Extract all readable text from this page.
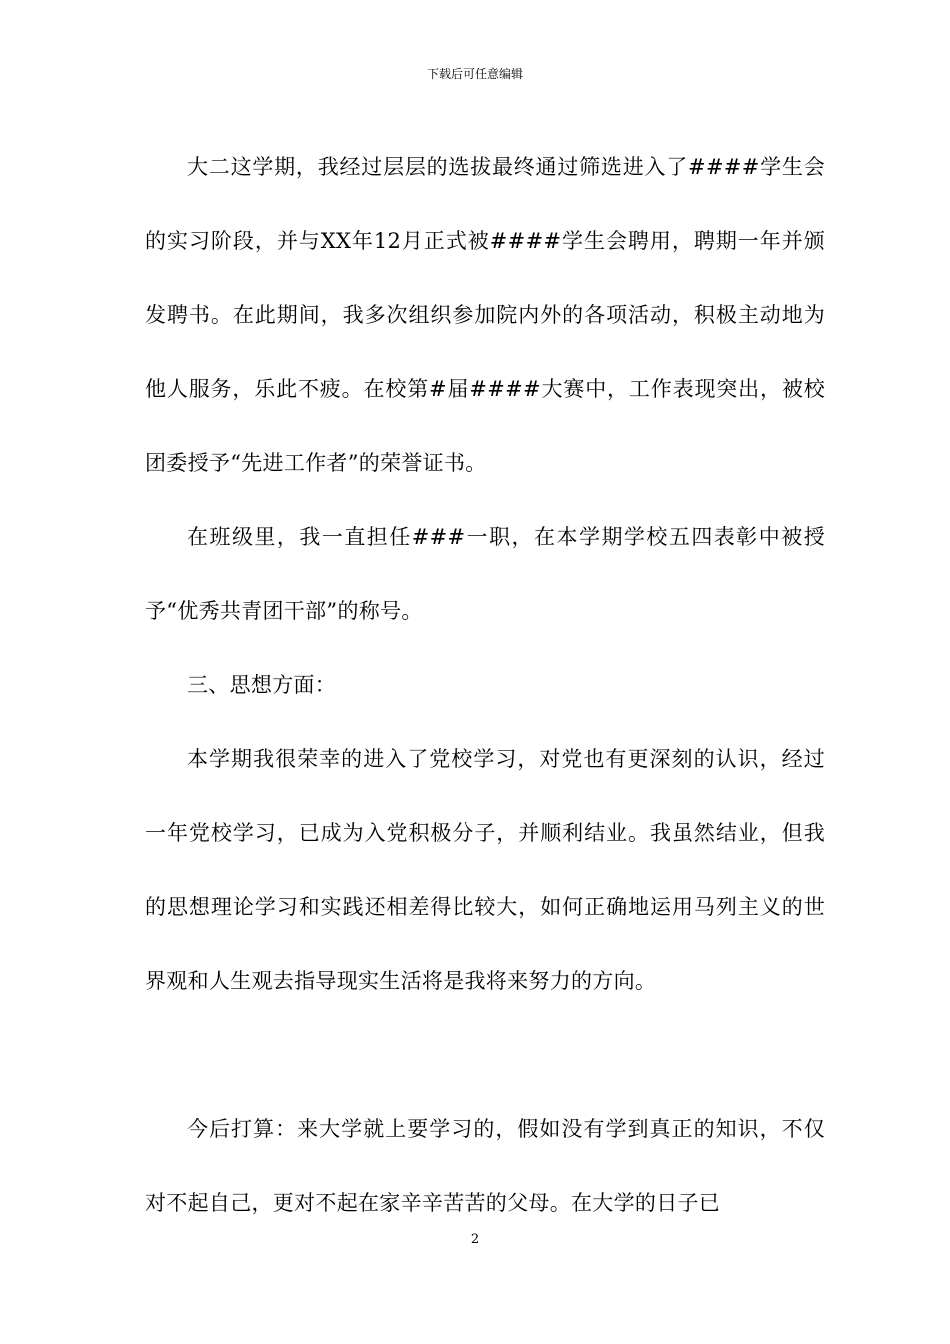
下载后可任意编辑

大二这学期，我经过层层的选拔最终通过筛选进入了####学生会的实习阶段，并与XX年12月正式被####学生会聘用，聘期一年并颁发聘书。在此期间，我多次组织参加院内外的各项活动，积极主动地为他人服务，乐此不疲。在校第#届####大赛中，工作表现突出，被校团委授予“先进工作者”的荣誉证书。

在班级里，我一直担任###一职，在本学期学校五四表彰中被授予“优秀共青团干部”的称号。

三、思想方面：

本学期我很荣幸的进入了党校学习，对党也有更深刻的认识，经过一年党校学习，已成为入党积极分子，并顺利结业。我虽然结业，但我的思想理论学习和实践还相差得比较大，如何正确地运用马列主义的世界观和人生观去指导现实生活将是我将来努力的方向。

今后打算：来大学就上要学习的，假如没有学到真正的知识，不仅对不起自己，更对不起在家辛辛苦苦的父母。在大学的日子已

2
